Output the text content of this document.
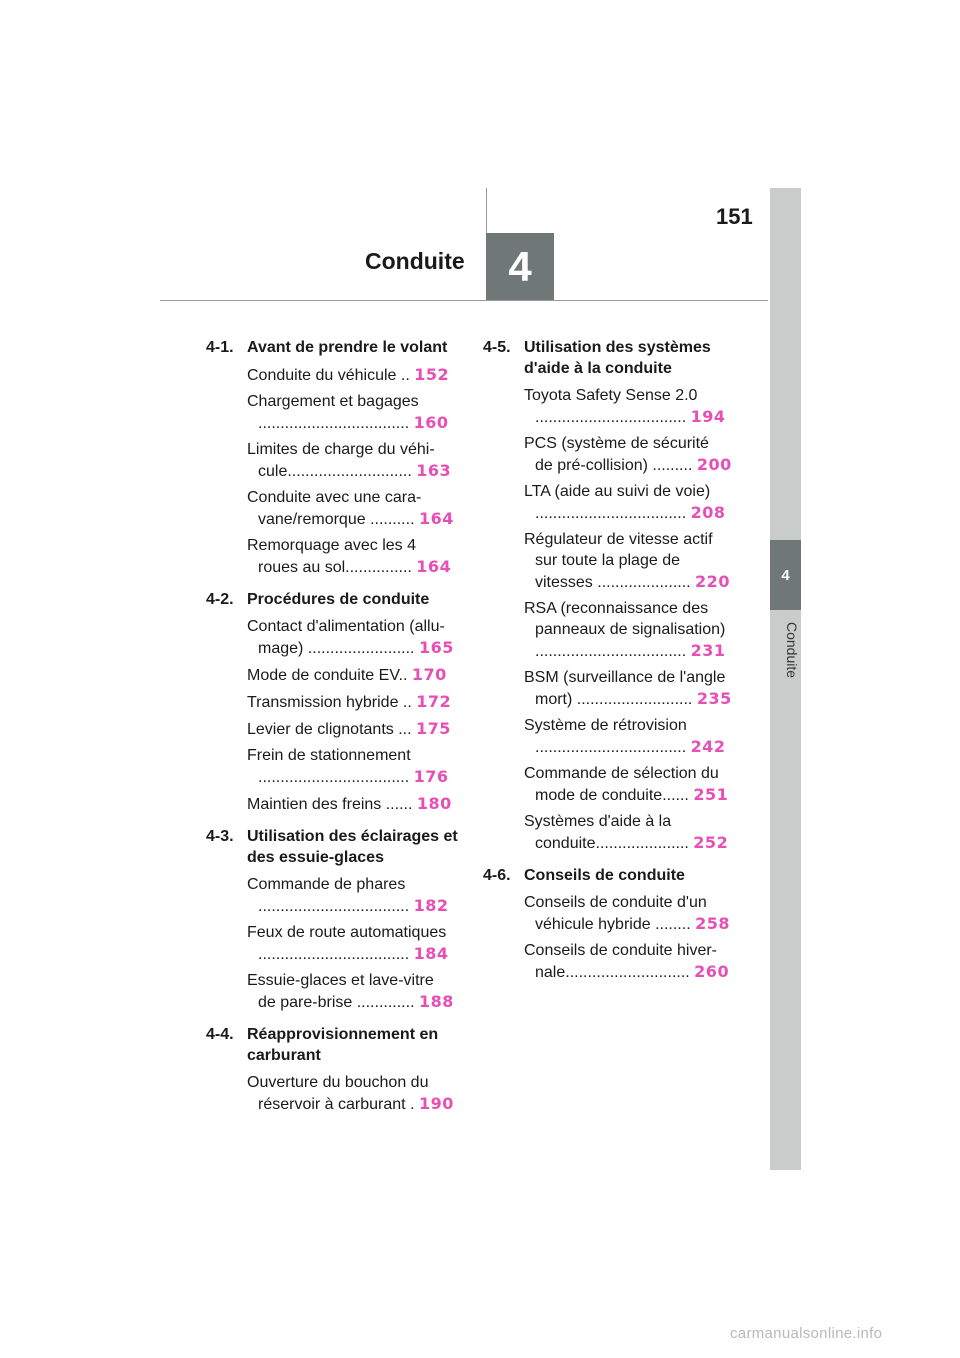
151
Conduite	4
4
Conduite
4-1. Avant de prendre le volant
Conduite du véhicule .. 152
Chargement et bagages
.................................. 160
Limites de charge du véhi-
cule............................ 163
Conduite avec une cara-
vane/remorque .......... 164
Remorquage avec les 4
roues au sol............... 164
4-2. Procédures de conduite
Contact d'alimentation (allu-
mage) ........................ 165
Mode de conduite EV.. 170
Transmission hybride .. 172
Levier de clignotants ... 175
Frein de stationnement
.................................. 176
Maintien des freins ...... 180
4-3. Utilisation des éclairages et des essuie-glaces
Commande de phares
.................................. 182
Feux de route automatiques
.................................. 184
Essuie-glaces et lave-vitre
de pare-brise ............. 188
4-4. Réapprovisionnement en carburant
Ouverture du bouchon du
réservoir à carburant . 190
4-5. Utilisation des systèmes d'aide à la conduite
Toyota Safety Sense 2.0
.................................. 194
PCS (système de sécurité
de pré-collision) ......... 200
LTA (aide au suivi de voie)
.................................. 208
Régulateur de vitesse actif
sur toute la plage de
vitesses ..................... 220
RSA (reconnaissance des
panneaux de signalisation)
.................................. 231
BSM (surveillance de l'angle
mort) .......................... 235
Système de rétrovision
.................................. 242
Commande de sélection du
mode de conduite...... 251
Systèmes d'aide à la
conduite..................... 252
4-6. Conseils de conduite
Conseils de conduite d'un
véhicule hybride ........ 258
Conseils de conduite hiver-
nale............................ 260
carmanualsonline.info
